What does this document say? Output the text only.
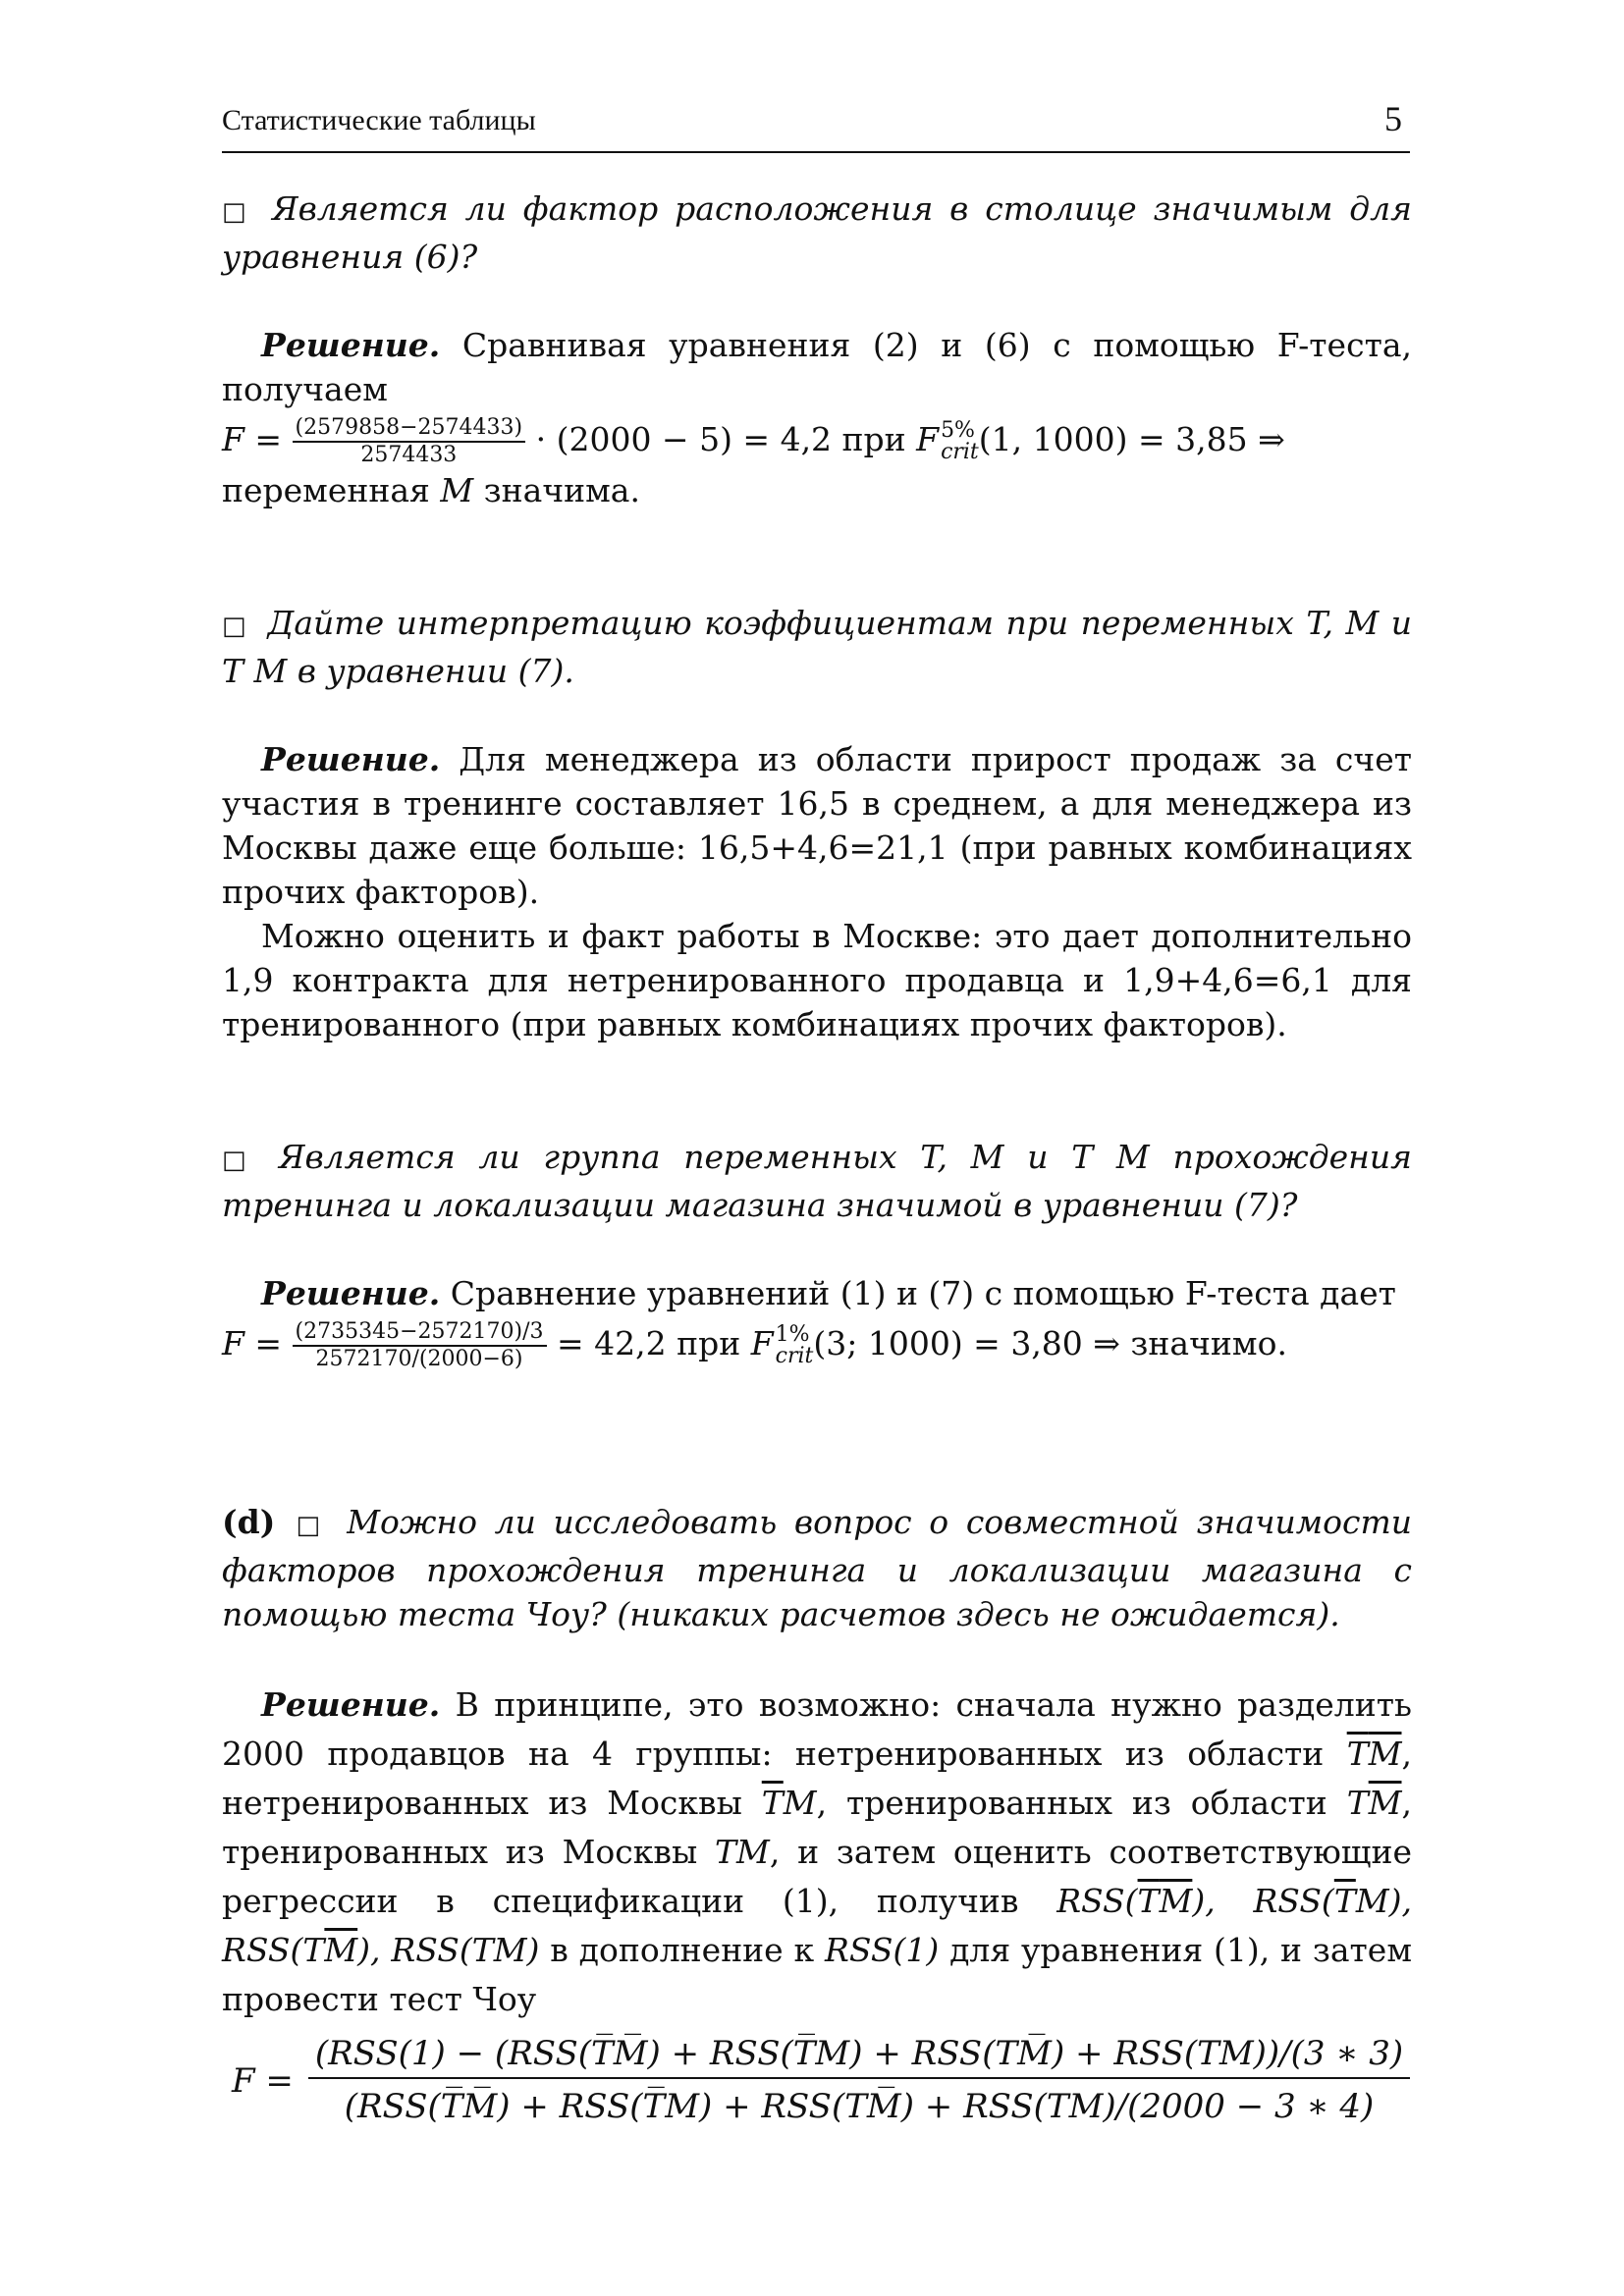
Статистические таблицы	5

□ Является ли фактор расположения в столице значимым для уравнения (6)?

Решение. Сравнивая уравнения (2) и (6) с помощью F-теста, получаем

$F = \frac{(2579858-2574433)}{2574433} \cdot (2000 - 5) = 4,2$ при F 5%
crit (1, 1000) = 3,85 ⇒

переменная M значима.

□ Дайте интерпретацию коэффициентам при переменных T, M и T M в уравнении (7).

Решение. Для менеджера из области прирост продаж за счет участия в тренинге составляет 16,5 в среднем, а для менеджера из Москвы даже еще больше: 16,5+4,6=21,1 (при равных комбинациях прочих факторов).

Можно оценить и факт работы в Москве: это дает дополнительно 1,9 контракта для нетренированного продавца и 1,9+4,6=6,1 для тренированного (при равных комбинациях прочих факторов).

□ Является ли группа переменных T, M и T M прохождения тренинга и локализации магазина значимой в уравнении (7)?

Решение. Сравнение уравнений (1) и (7) с помощью F-теста дает

$F = \frac{(2735345-2572170)/3}{2572170/(2000-6)} = 42,2$ при F 1%
crit (3; 1000) = 3,80 ⇒ значимо.

(d) □ Можно ли исследовать вопрос о совместной значимости факторов прохождения тренинга и локализации магазина с помощью теста Чоу? (никаких расчетов здесь не ожидается).

Решение. В принципе, это возможно: сначала нужно разделить 2000 продавцов на 4 группы: нетренированных из области $\overline{T}\overline{M}$, нетренированных из Москвы $\overline{T}M$, тренированных из области $T\overline{M}$, тренированных из Москвы TM, и затем оценить соответствующие регрессии в спецификации (1), получив $RSS(\overline{T}\overline{M})$, $RSS(\overline{T}M)$, $RSS(T\overline{M})$, RSS(TM) в дополнение к RSS(1) для уравнения (1), и затем провести тест Чоу

F =
(RSS(1) − (RSS(T̅M̅) + RSS(T̅M) + RSS(TM̅) + RSS(TM))/(3 ∗ 3)
(RSS(T̅M̅) + RSS(T̅M) + RSS(TM̅) + RSS(TM)/(2000 − 3 ∗ 4)
